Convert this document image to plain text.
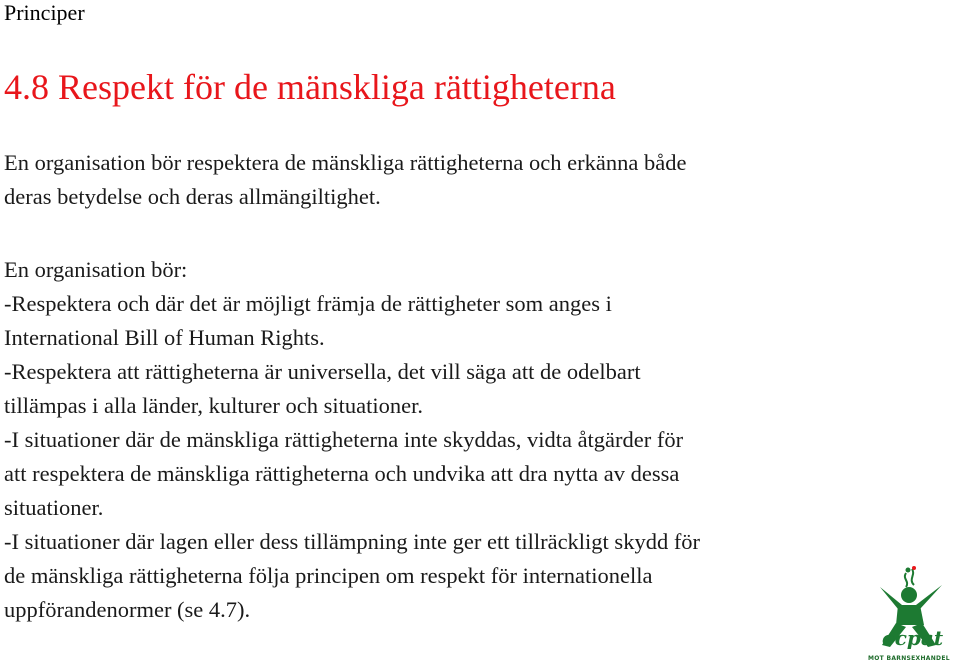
Principer
4.8 Respekt för de mänskliga rättigheterna
En organisation bör respektera de mänskliga rättigheterna och erkänna både
deras betydelse och deras allmängiltighet.
En organisation bör:
-Respektera och där det är möjligt främja de rättigheter som anges i
International Bill of Human Rights.
-Respektera att rättigheterna är universella, det vill säga att de odelbart
tillämpas i alla länder, kulturer och situationer.
-I situationer där de mänskliga rättigheterna inte skyddas, vidta åtgärder för
att respektera de mänskliga rättigheterna och undvika att dra nytta av dessa
situationer.
-I situationer där lagen eller dess tillämpning inte ger ett tillräckligt skydd för
de mänskliga rättigheterna följa principen om respekt för internationella
uppförandenormer (se 4.7).
ecpat
MOT BARNSEXHANDEL
